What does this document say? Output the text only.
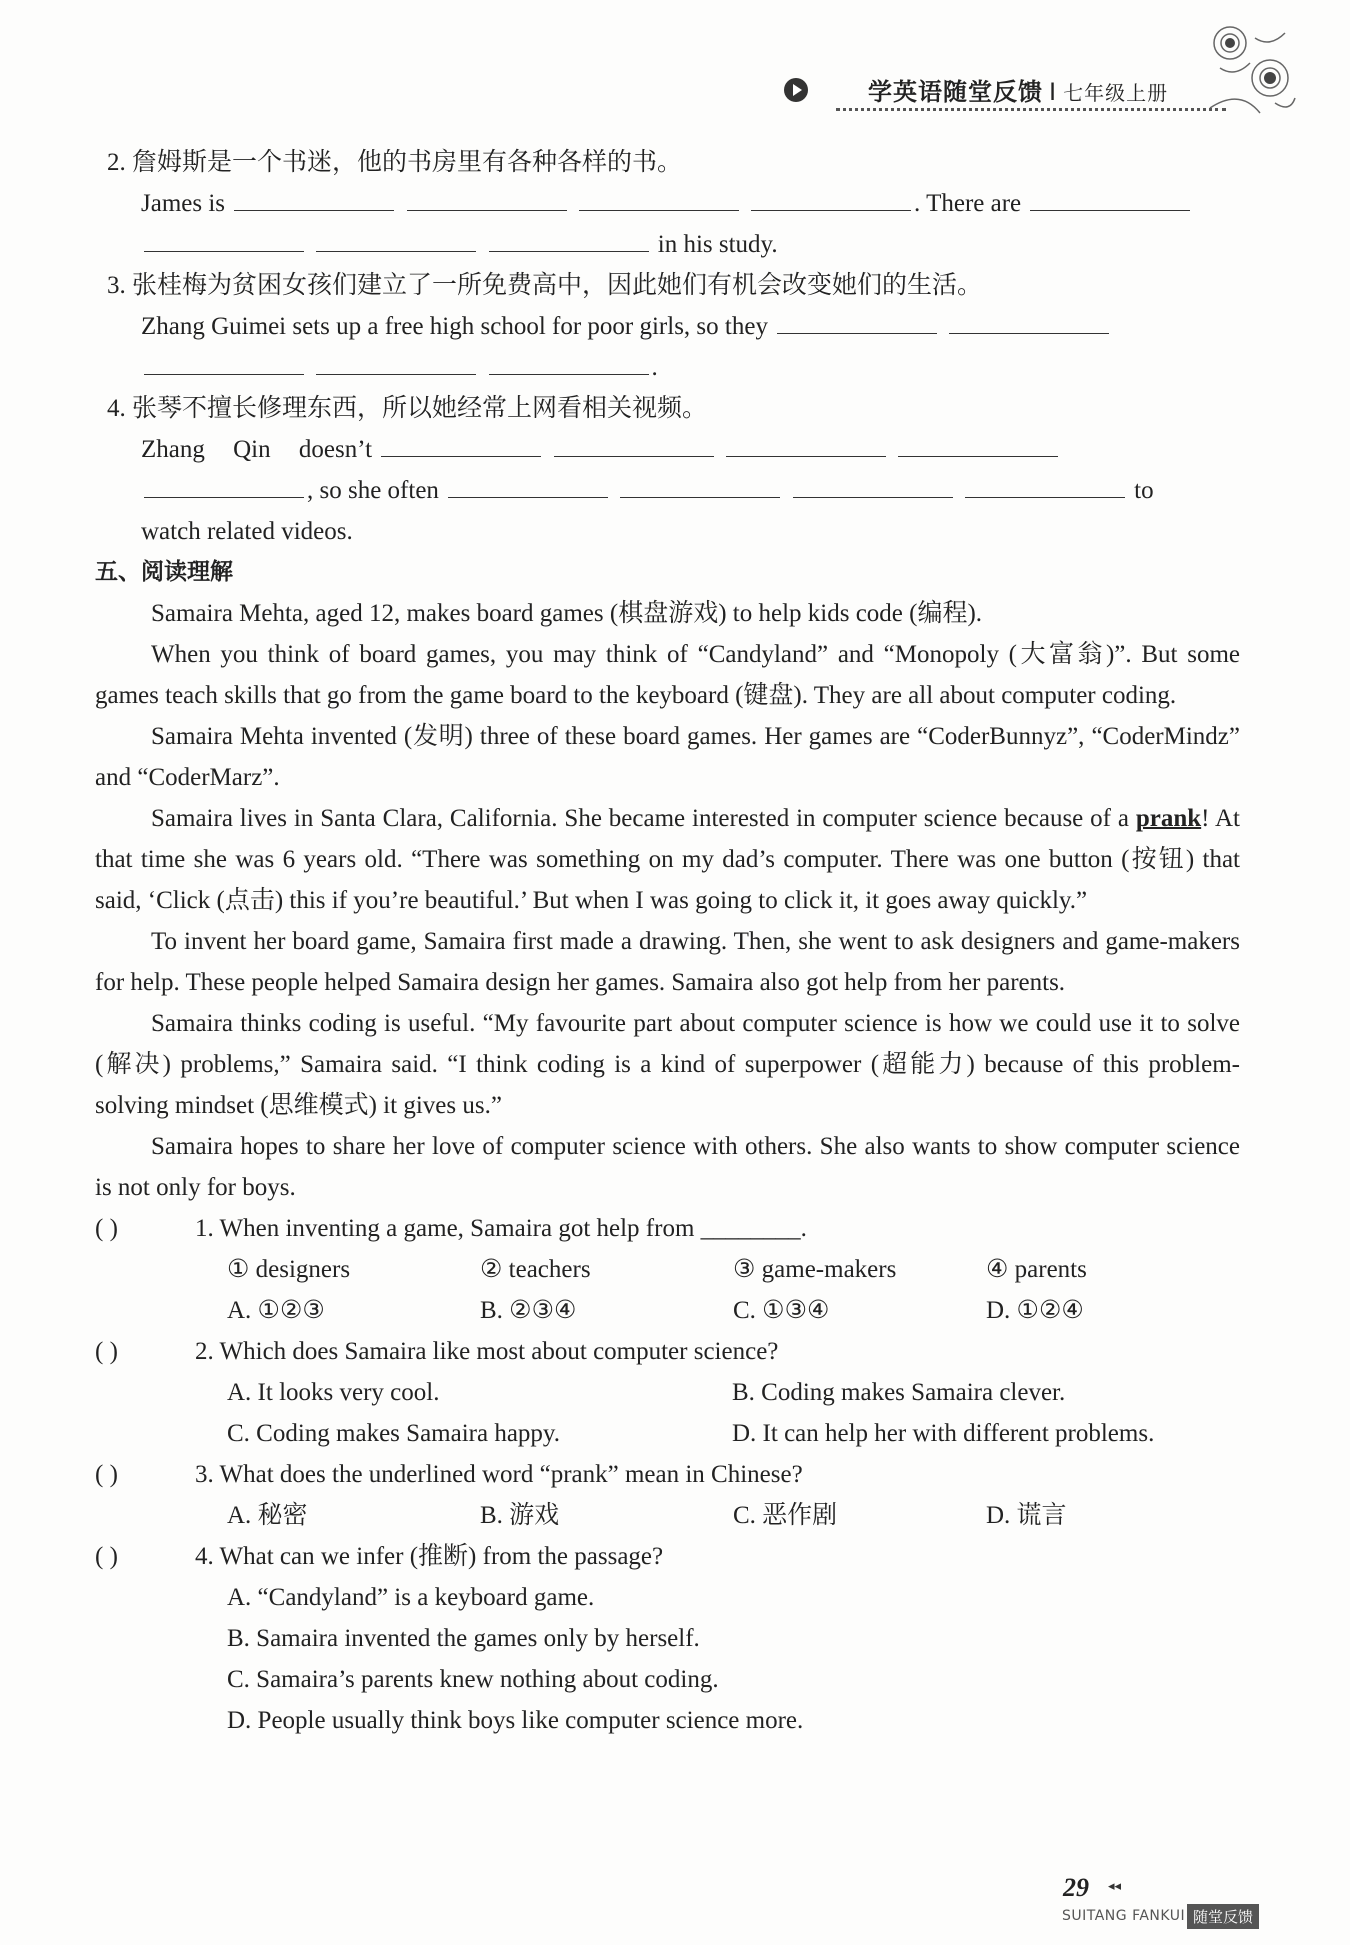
学英语随堂反馈 I 七年级上册
2. 詹姆斯是一个书迷，他的书房里有各种各样的书。
James is	. There are
in his study.
3. 张桂梅为贫困女孩们建立了一所免费高中，因此她们有机会改变她们的生活。
Zhang Guimei sets up a free high school for poor girls, so they
.
4. 张琴不擅长修理东西，所以她经常上网看相关视频。
Zhang Qin doesn’t
, so she often	to
watch related videos.
五、阅读理解

Samaira Mehta, aged 12, makes board games (棋盘游戏) to help kids code (编程).

When you think of board games, you may think of “Candyland” and “Monopoly (大富翁)”. But some games teach skills that go from the game board to the keyboard (键盘). They are all about computer coding.

Samaira Mehta invented (发明) three of these board games. Her games are “CoderBunnyz”, “CoderMindz” and “CoderMarz”.

Samaira lives in Santa Clara, California. She became interested in computer science because of a prank! At that time she was 6 years old. “There was something on my dad’s computer. There was one button (按钮) that said, ‘Click (点击) this if you’re beautiful.’ But when I was going to click it, it goes away quickly.”

To invent her board game, Samaira first made a drawing. Then, she went to ask designers and game-makers for help. These people helped Samaira design her games. Samaira also got help from her parents.

Samaira thinks coding is useful. “My favourite part about computer science is how we could use it to solve (解决) problems,” Samaira said. “I think coding is a kind of superpower (超能力) because of this problem-solving mindset (思维模式) it gives us.”

Samaira hopes to share her love of computer science with others. She also wants to show computer science is not only for boys.

( )	1. When inventing a game, Samaira got help from ________.
① designers	② teachers	③ game-makers	④ parents
A. ①②③	B. ②③④	C. ①③④	D. ①②④
( )	2. Which does Samaira like most about computer science?
A. It looks very cool.	B. Coding makes Samaira clever.
C. Coding makes Samaira happy.	D. It can help her with different problems.
( )	3. What does the underlined word “prank” mean in Chinese?
A. 秘密	B. 游戏	C. 恶作剧	D. 谎言
( )	4. What can we infer (推断) from the passage?
A. “Candyland” is a keyboard game.
B. Samaira invented the games only by herself.
C. Samaira’s parents knew nothing about coding.
D. People usually think boys like computer science more.
29 ◂◂
SUITANG FANKUI 随堂反馈
